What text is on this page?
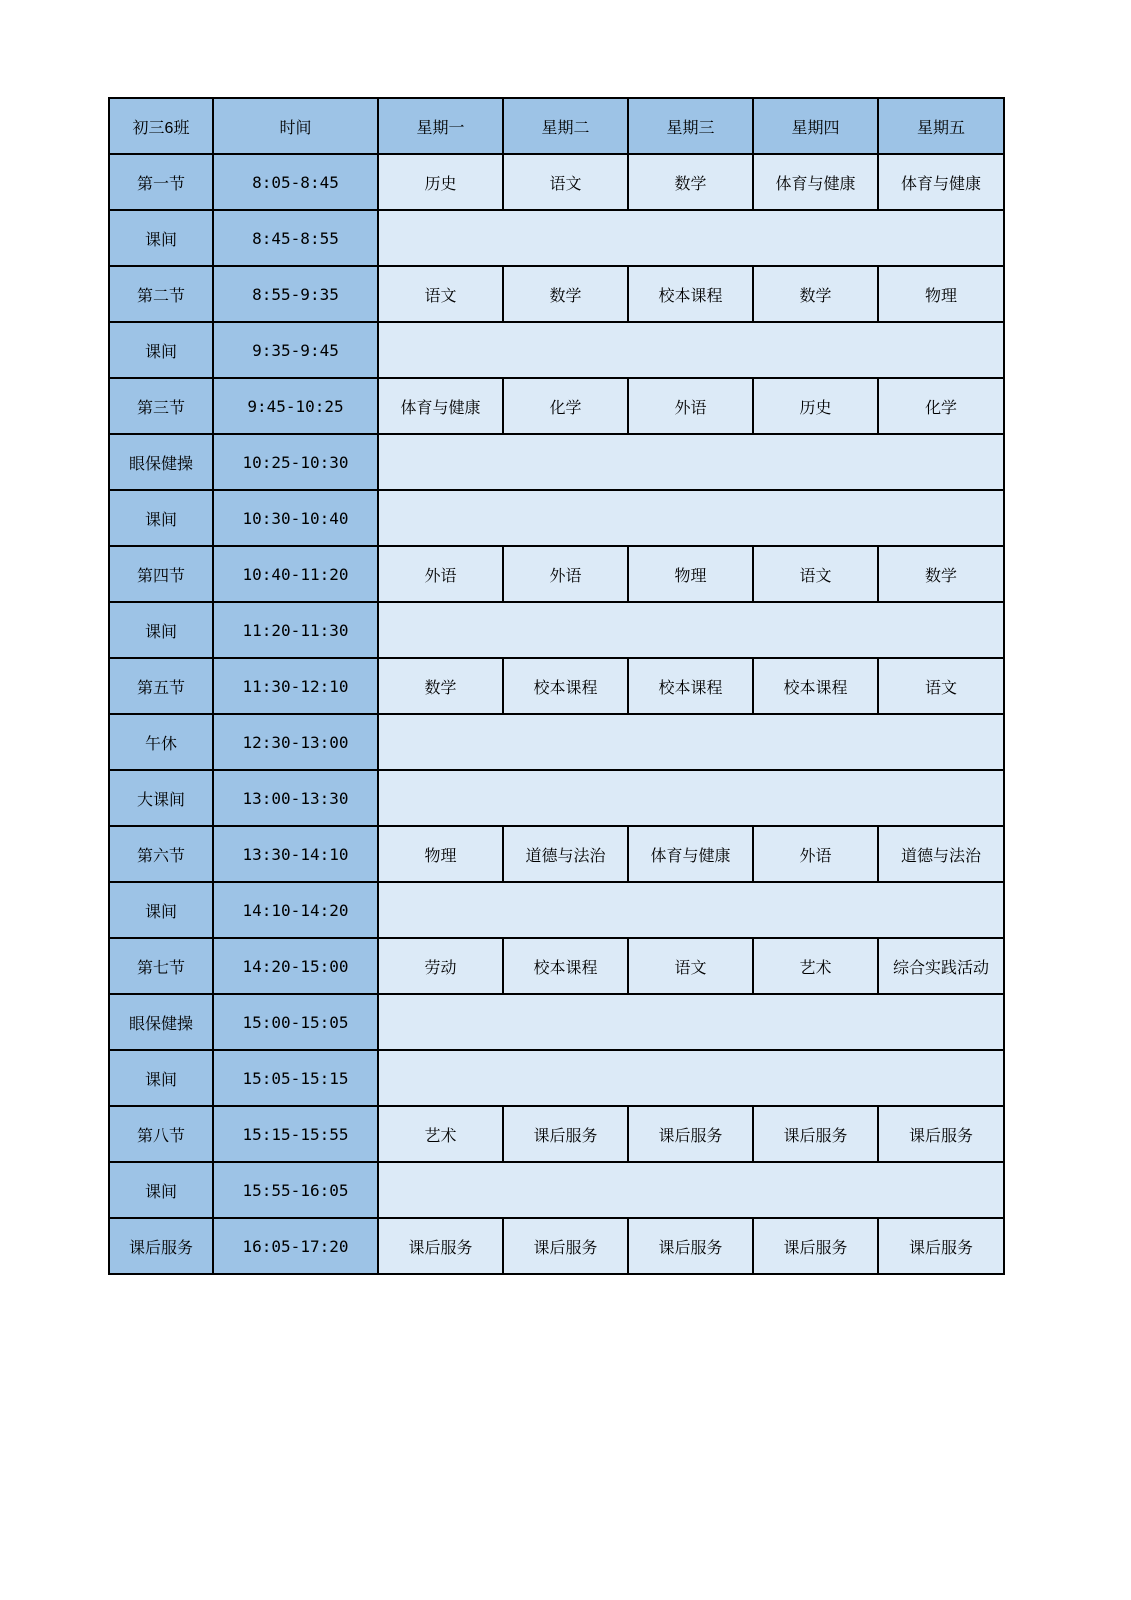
初三6班	时间	星期一	星期二	星期三	星期四	星期五
第一节	8:05-8:45	历史	语文	数学	体育与健康	体育与健康
课间	8:45-8:55					
第二节	8:55-9:35	语文	数学	校本课程	数学	物理
课间	9:35-9:45					
第三节	9:45-10:25	体育与健康	化学	外语	历史	化学
眼保健操	10:25-10:30					
课间	10:30-10:40					
第四节	10:40-11:20	外语	外语	物理	语文	数学
课间	11:20-11:30					
第五节	11:30-12:10	数学	校本课程	校本课程	校本课程	语文
午休	12:30-13:00					
大课间	13:00-13:30					
第六节	13:30-14:10	物理	道德与法治	体育与健康	外语	道德与法治
课间	14:10-14:20					
第七节	14:20-15:00	劳动	校本课程	语文	艺术	综合实践活动
眼保健操	15:00-15:05					
课间	15:05-15:15					
第八节	15:15-15:55	艺术	课后服务	课后服务	课后服务	课后服务
课间	15:55-16:05					
课后服务	16:05-17:20	课后服务	课后服务	课后服务	课后服务	课后服务
